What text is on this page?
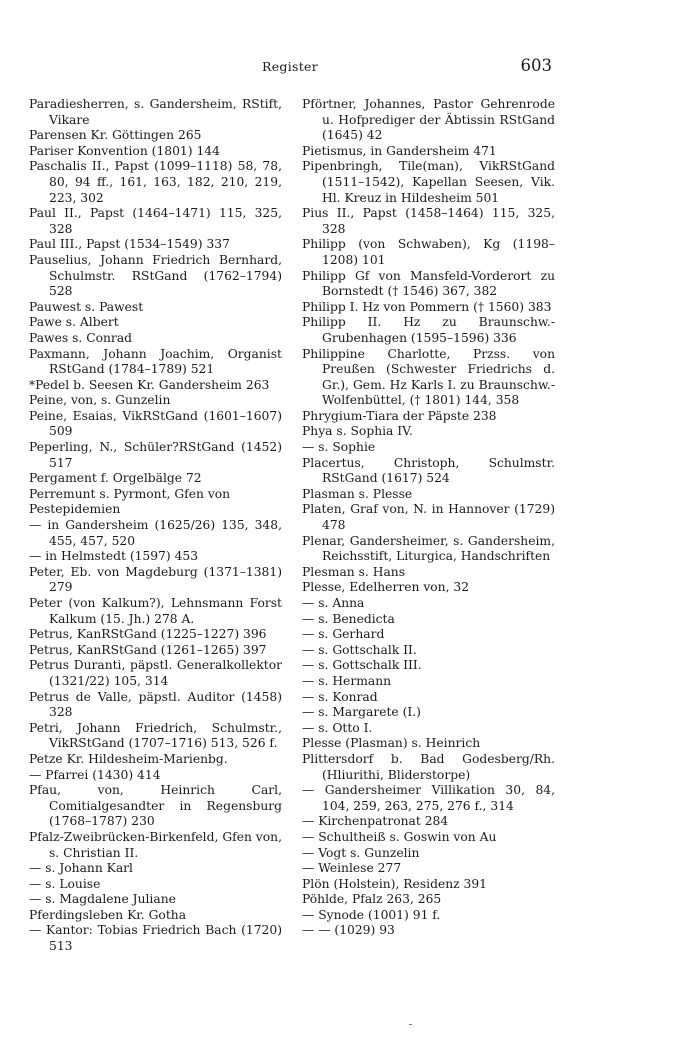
Register	603
Paradiesherren, s. Gandersheim, RStift, Vikare
Parensen Kr. Göttingen 265
Pariser Konvention (1801) 144
Paschalis II., Papst (1099–1118) 58, 78, 80, 94 ff., 161, 163, 182, 210, 219, 223, 302
Paul II., Papst (1464–1471) 115, 325, 328
Paul III., Papst (1534–1549) 337
Pauselius, Johann Friedrich Bernhard, Schulmstr. RStGand (1762–1794) 528
Pauwest s. Pawest
Pawe s. Albert
Pawes s. Conrad
Paxmann, Johann Joachim, Organist RStGand (1784–1789) 521
*Pedel b. Seesen Kr. Gandersheim 263
Peine, von, s. Gunzelin
Peine, Esaias, VikRStGand (1601–1607) 509
Peperling, N., Schüler?RStGand (1452) 517
Pergament f. Orgelbälge 72
Perremunt s. Pyrmont, Gfen von
Pestepidemien
— in Gandersheim (1625/26) 135, 348, 455, 457, 520
— in Helmstedt (1597) 453
Peter, Eb. von Magdeburg (1371–1381) 279
Peter (von Kalkum?), Lehnsmann Forst Kalkum (15. Jh.) 278 A.
Petrus, KanRStGand (1225–1227) 396
Petrus, KanRStGand (1261–1265) 397
Petrus Duranti, päpstl. Generalkollektor (1321/22) 105, 314
Petrus de Valle, päpstl. Auditor (1458) 328
Petri, Johann Friedrich, Schulmstr., VikRStGand (1707–1716) 513, 526 f.
Petze Kr. Hildesheim-Marienbg.
— Pfarrei (1430) 414
Pfau, von, Heinrich Carl, Comitialgesandter in Regensburg (1768–1787) 230
Pfalz-Zweibrücken-Birkenfeld, Gfen von, s. Christian II.
— s. Johann Karl
— s. Louise
— s. Magdalene Juliane
Pferdingsleben Kr. Gotha
— Kantor: Tobias Friedrich Bach (1720) 513
Pförtner, Johannes, Pastor Gehrenrode u. Hofprediger der Äbtissin RStGand (1645) 42
Pietismus, in Gandersheim 471
Pipenbringh, Tile(man), VikRStGand (1511–1542), Kapellan Seesen, Vik. Hl. Kreuz in Hildesheim 501
Pius II., Papst (1458–1464) 115, 325, 328
Philipp (von Schwaben), Kg (1198–1208) 101
Philipp Gf von Mansfeld-Vorderort zu Bornstedt († 1546) 367, 382
Philipp I. Hz von Pommern († 1560) 383
Philipp II. Hz zu Braunschw.-Grubenhagen (1595–1596) 336
Philippine Charlotte, Przss. von Preußen (Schwester Friedrichs d. Gr.), Gem. Hz Karls I. zu Braunschw.-Wolfenbüttel, († 1801) 144, 358
Phrygium-Tiara der Päpste 238
Phya s. Sophia IV.
— s. Sophie
Placertus, Christoph, Schulmstr. RStGand (1617) 524
Plasman s. Plesse
Platen, Graf von, N. in Hannover (1729) 478
Plenar, Gandersheimer, s. Gandersheim, Reichsstift, Liturgica, Handschriften
Plesman s. Hans
Plesse, Edelherren von, 32
— s. Anna
— s. Benedicta
— s. Gerhard
— s. Gottschalk II.
— s. Gottschalk III.
— s. Hermann
— s. Konrad
— s. Margarete (I.)
— s. Otto I.
Plesse (Plasman) s. Heinrich
Plittersdorf b. Bad Godesberg/Rh. (Hliurithi, Bliderstorpe)
— Gandersheimer Villikation 30, 84, 104, 259, 263, 275, 276 f., 314
— Kirchenpatronat 284
— Schultheiß s. Goswin von Au
— Vogt s. Gunzelin
— Weinlese 277
Plön (Holstein), Residenz 391
Pöhlde, Pfalz 263, 265
— Synode (1001) 91 f.
— — (1029) 93
